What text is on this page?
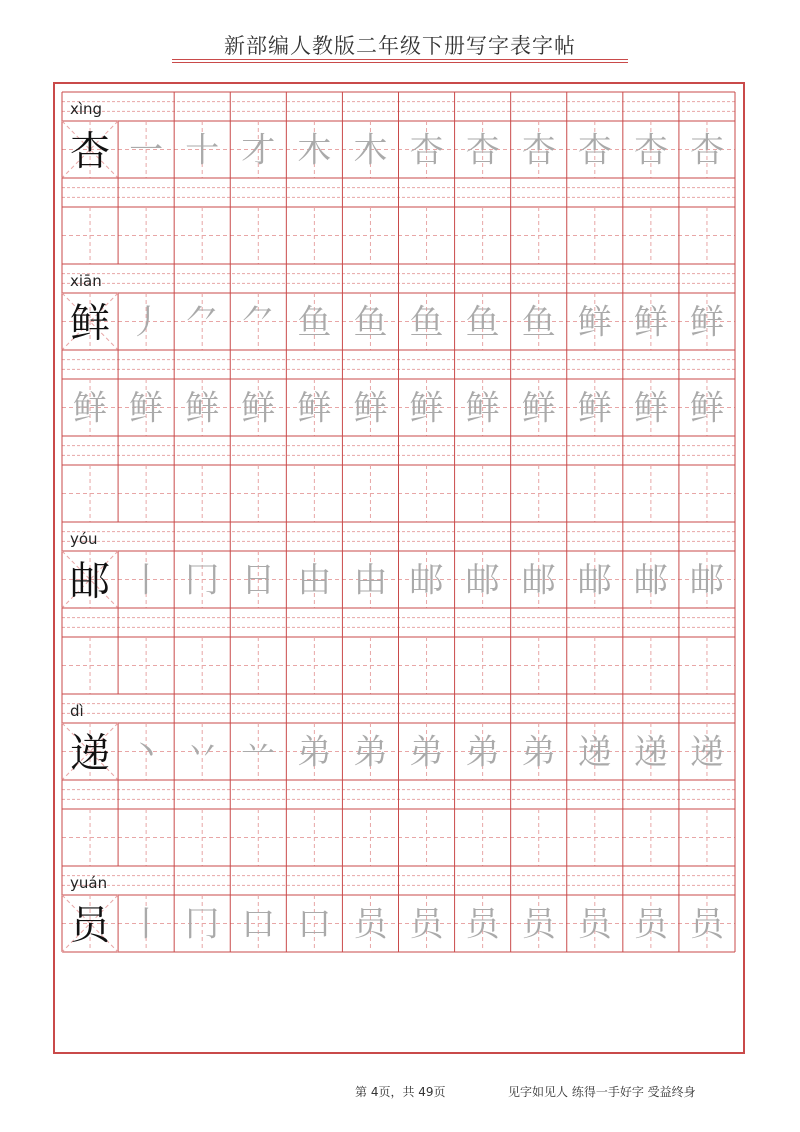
新部编人教版二年级下册写字表字帖
xìng
杏 一 十 才 木 木 杏 杏 杏 杏 杏 杏
xiān
鲜 丿 ⺈ ⺈ 鱼 鱼 鱼 鱼 鱼 鲜 鲜 鲜
鲜 鲜 鲜 鲜 鲜 鲜 鲜 鲜 鲜 鲜 鲜 鲜
yóu
邮 丨 冂 日 由 由 邮 邮 邮 邮 邮 邮
dì
递 丶 丷 䒑 弟 弟 弟 弟 弟 递 递 递
yuán
员 丨 冂 口 口 员 员 员 员 员 员 员
第 4页，共 49页	见字如见人 练得一手好字 受益终身
